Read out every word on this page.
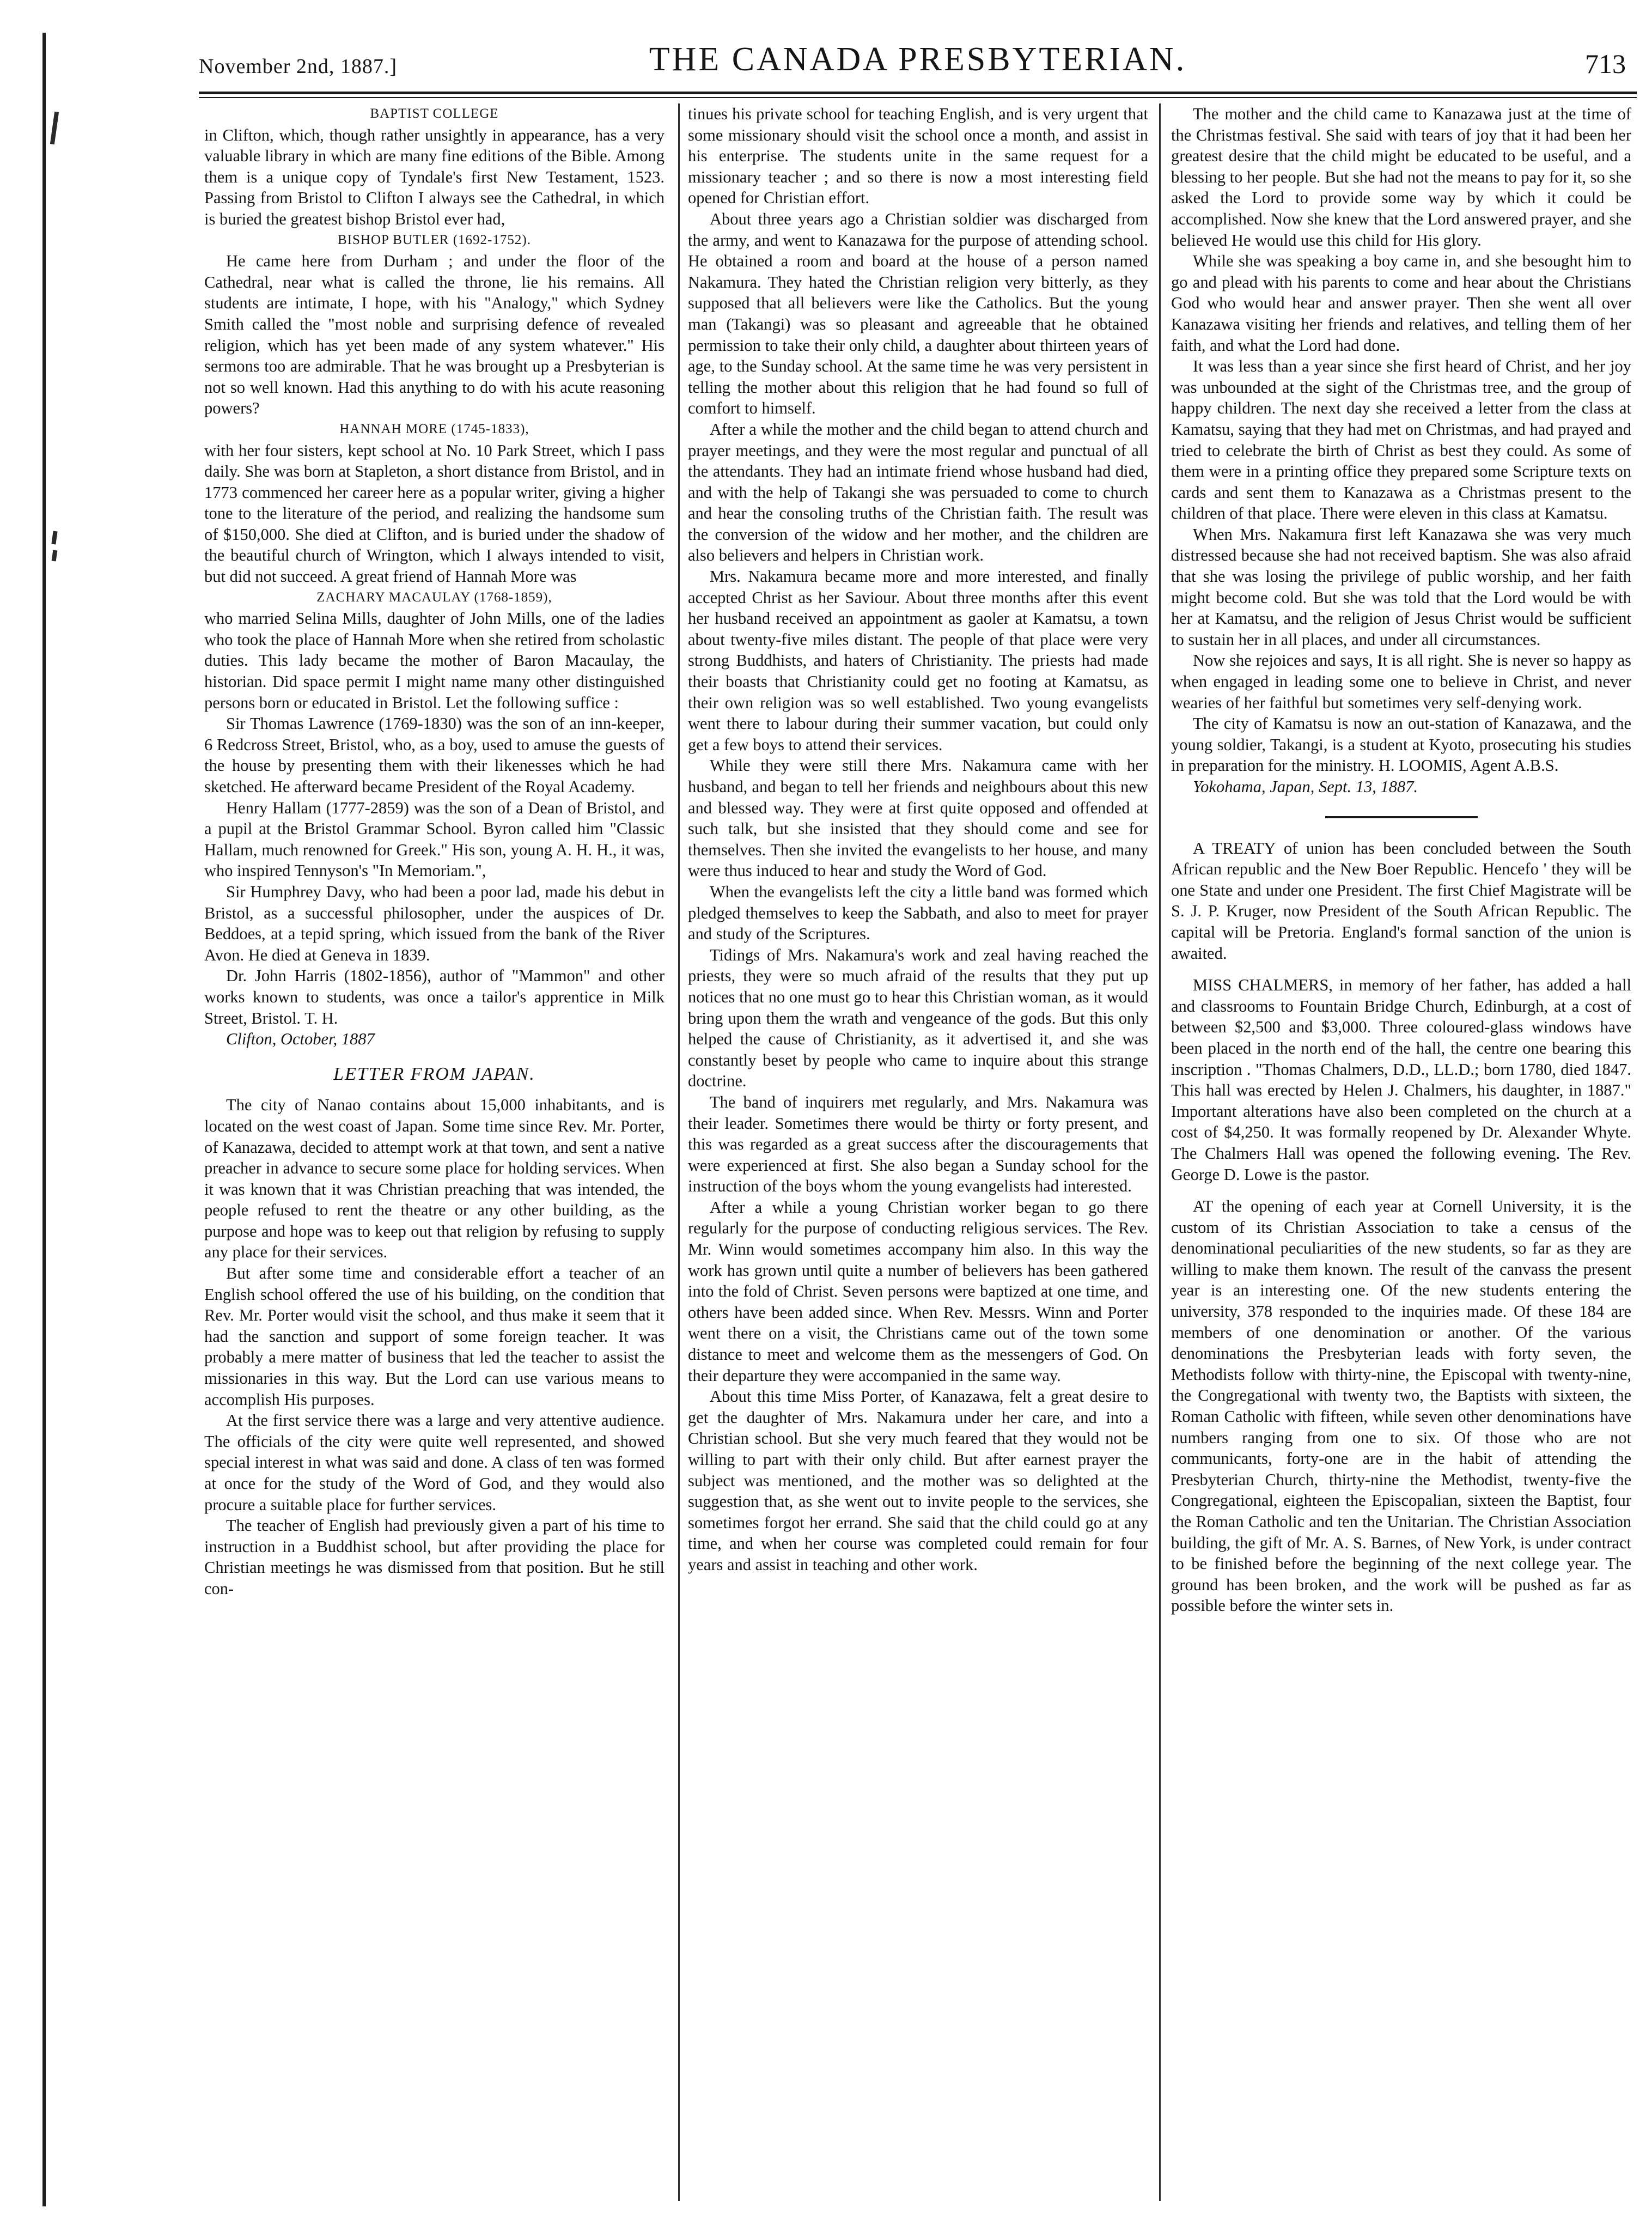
November 2nd, 1887.]	THE CANADA PRESBYTERIAN.	713
BAPTIST COLLEGE

in Clifton, which, though rather unsightly in appearance, has a very valuable library in which are many fine editions of the Bible. Among them is a unique copy of Tyndale's first New Testament, 1523. Passing from Bristol to Clifton I always see the Cathedral, in which is buried the greatest bishop Bristol ever had,

BISHOP BUTLER (1692-1752).

He came here from Durham ; and under the floor of the Cathedral, near what is called the throne, lie his remains. All students are intimate, I hope, with his "Analogy," which Sydney Smith called the "most noble and surprising defence of revealed religion, which has yet been made of any system whatever." His sermons too are admirable. That he was brought up a Presbyterian is not so well known. Had this anything to do with his acute reasoning powers?

HANNAH MORE (1745-1833),

with her four sisters, kept school at No. 10 Park Street, which I pass daily. She was born at Stapleton, a short distance from Bristol, and in 1773 commenced her career here as a popular writer, giving a higher tone to the literature of the period, and realizing the handsome sum of $150,000. She died at Clifton, and is buried under the shadow of the beautiful church of Wrington, which I always intended to visit, but did not succeed. A great friend of Hannah More was

ZACHARY MACAULAY (1768-1859),

who married Selina Mills, daughter of John Mills, one of the ladies who took the place of Hannah More when she retired from scholastic duties. This lady became the mother of Baron Macaulay, the historian. Did space permit I might name many other distinguished persons born or educated in Bristol. Let the following suffice :

Sir Thomas Lawrence (1769-1830) was the son of an inn-keeper, 6 Redcross Street, Bristol, who, as a boy, used to amuse the guests of the house by presenting them with their likenesses which he had sketched. He afterward became President of the Royal Academy.

Henry Hallam (1777-2859) was the son of a Dean of Bristol, and a pupil at the Bristol Grammar School. Byron called him "Classic Hallam, much renowned for Greek." His son, young A. H. H., it was, who inspired Tennyson's "In Memoriam.",

Sir Humphrey Davy, who had been a poor lad, made his debut in Bristol, as a successful philosopher, under the auspices of Dr. Beddoes, at a tepid spring, which issued from the bank of the River Avon. He died at Geneva in 1839.

Dr. John Harris (1802-1856), author of "Mammon" and other works known to students, was once a tailor's apprentice in Milk Street, Bristol. T. H.

Clifton, October, 1887

LETTER FROM JAPAN.

The city of Nanao contains about 15,000 inhabitants, and is located on the west coast of Japan. Some time since Rev. Mr. Porter, of Kanazawa, decided to attempt work at that town, and sent a native preacher in advance to secure some place for holding services. When it was known that it was Christian preaching that was intended, the people refused to rent the theatre or any other building, as the purpose and hope was to keep out that religion by refusing to supply any place for their services.

But after some time and considerable effort a teacher of an English school offered the use of his building, on the condition that Rev. Mr. Porter would visit the school, and thus make it seem that it had the sanction and support of some foreign teacher. It was probably a mere matter of business that led the teacher to assist the missionaries in this way. But the Lord can use various means to accomplish His purposes.

At the first service there was a large and very attentive audience. The officials of the city were quite well represented, and showed special interest in what was said and done. A class of ten was formed at once for the study of the Word of God, and they would also procure a suitable place for further services.

The teacher of English had previously given a part of his time to instruction in a Buddhist school, but after providing the place for Christian meetings he was dismissed from that position. But he still con-

tinues his private school for teaching English, and is very urgent that some missionary should visit the school once a month, and assist in his enterprise. The students unite in the same request for a missionary teacher ; and so there is now a most interesting field opened for Christian effort.

About three years ago a Christian soldier was discharged from the army, and went to Kanazawa for the purpose of attending school. He obtained a room and board at the house of a person named Nakamura. They hated the Christian religion very bitterly, as they supposed that all believers were like the Catholics. But the young man (Takangi) was so pleasant and agreeable that he obtained permission to take their only child, a daughter about thirteen years of age, to the Sunday school. At the same time he was very persistent in telling the mother about this religion that he had found so full of comfort to himself.

After a while the mother and the child began to attend church and prayer meetings, and they were the most regular and punctual of all the attendants. They had an intimate friend whose husband had died, and with the help of Takangi she was persuaded to come to church and hear the consoling truths of the Christian faith. The result was the conversion of the widow and her mother, and the children are also believers and helpers in Christian work.

Mrs. Nakamura became more and more interested, and finally accepted Christ as her Saviour. About three months after this event her husband received an appointment as gaoler at Kamatsu, a town about twenty-five miles distant. The people of that place were very strong Buddhists, and haters of Christianity. The priests had made their boasts that Christianity could get no footing at Kamatsu, as their own religion was so well established. Two young evangelists went there to labour during their summer vacation, but could only get a few boys to attend their services.

While they were still there Mrs. Nakamura came with her husband, and began to tell her friends and neighbours about this new and blessed way. They were at first quite opposed and offended at such talk, but she insisted that they should come and see for themselves. Then she invited the evangelists to her house, and many were thus induced to hear and study the Word of God.

When the evangelists left the city a little band was formed which pledged themselves to keep the Sabbath, and also to meet for prayer and study of the Scriptures.

Tidings of Mrs. Nakamura's work and zeal having reached the priests, they were so much afraid of the results that they put up notices that no one must go to hear this Christian woman, as it would bring upon them the wrath and vengeance of the gods. But this only helped the cause of Christianity, as it advertised it, and she was constantly beset by people who came to inquire about this strange doctrine.

The band of inquirers met regularly, and Mrs. Nakamura was their leader. Sometimes there would be thirty or forty present, and this was regarded as a great success after the discouragements that were experienced at first. She also began a Sunday school for the instruction of the boys whom the young evangelists had interested.

After a while a young Christian worker began to go there regularly for the purpose of conducting religious services. The Rev. Mr. Winn would sometimes accompany him also. In this way the work has grown until quite a number of believers has been gathered into the fold of Christ. Seven persons were baptized at one time, and others have been added since. When Rev. Messrs. Winn and Porter went there on a visit, the Christians came out of the town some distance to meet and welcome them as the messengers of God. On their departure they were accompanied in the same way.

About this time Miss Porter, of Kanazawa, felt a great desire to get the daughter of Mrs. Nakamura under her care, and into a Christian school. But she very much feared that they would not be willing to part with their only child. But after earnest prayer the subject was mentioned, and the mother was so delighted at the suggestion that, as she went out to invite people to the services, she sometimes forgot her errand. She said that the child could go at any time, and when her course was completed could remain for four years and assist in teaching and other work.

The mother and the child came to Kanazawa just at the time of the Christmas festival. She said with tears of joy that it had been her greatest desire that the child might be educated to be useful, and a blessing to her people. But she had not the means to pay for it, so she asked the Lord to provide some way by which it could be accomplished. Now she knew that the Lord answered prayer, and she believed He would use this child for His glory.

While she was speaking a boy came in, and she besought him to go and plead with his parents to come and hear about the Christians God who would hear and answer prayer. Then she went all over Kanazawa visiting her friends and relatives, and telling them of her faith, and what the Lord had done.

It was less than a year since she first heard of Christ, and her joy was unbounded at the sight of the Christmas tree, and the group of happy children. The next day she received a letter from the class at Kamatsu, saying that they had met on Christmas, and had prayed and tried to celebrate the birth of Christ as best they could. As some of them were in a printing office they prepared some Scripture texts on cards and sent them to Kanazawa as a Christmas present to the children of that place. There were eleven in this class at Kamatsu.

When Mrs. Nakamura first left Kanazawa she was very much distressed because she had not received baptism. She was also afraid that she was losing the privilege of public worship, and her faith might become cold. But she was told that the Lord would be with her at Kamatsu, and the religion of Jesus Christ would be sufficient to sustain her in all places, and under all circumstances.

Now she rejoices and says, It is all right. She is never so happy as when engaged in leading some one to believe in Christ, and never wearies of her faithful but sometimes very self-denying work.

The city of Kamatsu is now an out-station of Kanazawa, and the young soldier, Takangi, is a student at Kyoto, prosecuting his studies in preparation for the ministry. H. LOOMIS, Agent A.B.S.

Yokohama, Japan, Sept. 13, 1887.

A TREATY of union has been concluded between the South African republic and the New Boer Republic. Hencefo ' they will be one State and under one President. The first Chief Magistrate will be S. J. P. Kruger, now President of the South African Republic. The capital will be Pretoria. England's formal sanction of the union is awaited.

MISS CHALMERS, in memory of her father, has added a hall and classrooms to Fountain Bridge Church, Edinburgh, at a cost of between $2,500 and $3,000. Three coloured-glass windows have been placed in the north end of the hall, the centre one bearing this inscription . "Thomas Chalmers, D.D., LL.D.; born 1780, died 1847. This hall was erected by Helen J. Chalmers, his daughter, in 1887." Important alterations have also been completed on the church at a cost of $4,250. It was formally reopened by Dr. Alexander Whyte. The Chalmers Hall was opened the following evening. The Rev. George D. Lowe is the pastor.

AT the opening of each year at Cornell University, it is the custom of its Christian Association to take a census of the denominational peculiarities of the new students, so far as they are willing to make them known. The result of the canvass the present year is an interesting one. Of the new students entering the university, 378 responded to the inquiries made. Of these 184 are members of one denomination or another. Of the various denominations the Presbyterian leads with forty seven, the Methodists follow with thirty-nine, the Episcopal with twenty-nine, the Congregational with twenty two, the Baptists with sixteen, the Roman Catholic with fifteen, while seven other denominations have numbers ranging from one to six. Of those who are not communicants, forty-one are in the habit of attending the Presbyterian Church, thirty-nine the Methodist, twenty-five the Congregational, eighteen the Episcopalian, sixteen the Baptist, four the Roman Catholic and ten the Unitarian. The Christian Association building, the gift of Mr. A. S. Barnes, of New York, is under contract to be finished before the beginning of the next college year. The ground has been broken, and the work will be pushed as far as possible before the winter sets in.
